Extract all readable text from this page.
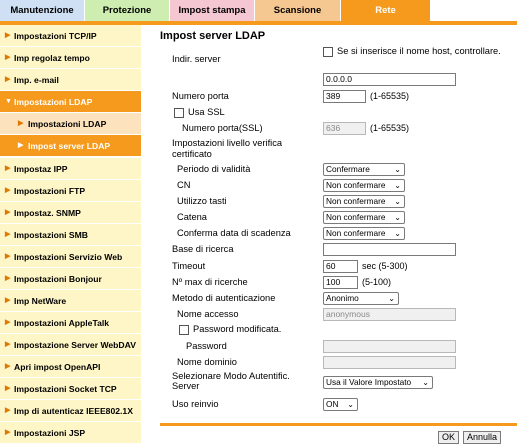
Manutenzione	Protezione	Impost stampa	Scansione	Rete
▶ Impostazioni TCP/IP
▶ Imp regolaz tempo
▶ Imp. e-mail
▼ Impostazioni LDAP
▶ Impostazioni LDAP
▶ Impost server LDAP
▶ Impostaz IPP
▶ Impostazioni FTP
▶ Impostaz. SNMP
▶ Impostazioni SMB
▶ Impostazioni Servizio Web
▶ Impostazioni Bonjour
▶ Imp NetWare
▶ Impostazioni AppleTalk
▶ Impostazione Server WebDAV
▶ Apri impost OpenAPI
▶ Impostazioni Socket TCP
▶ Imp di autenticaz IEEE802.1X
▶ Impostazioni JSP
Impost server LDAP
Indir. server
Se si inserisce il nome host, controllare.
0.0.0.0
Numero porta	389	(1-65535)
Usa SSL
Numero porta(SSL)	636	(1-65535)
Impostazioni livello verifica certificato
Periodo di validità	Confermare	⌄
CN	Non confermare ⌄
Utilizzo tasti	Non confermare ⌄
Catena	Non confermare ⌄
Conferma data di scadenza	Non confermare ⌄
Base di ricerca
Timeout	60	sec (5-300)
Nº max di ricerche	100	(5-100)
Metodo di autenticazione	Anonimo	⌄
Nome accesso	anonymous
Password modificata.
Password
Nome dominio
Selezionare Modo Autentific. Server	Usa il Valore Impostato ⌄
Uso reinvio	ON ⌄
OK	Annulla
